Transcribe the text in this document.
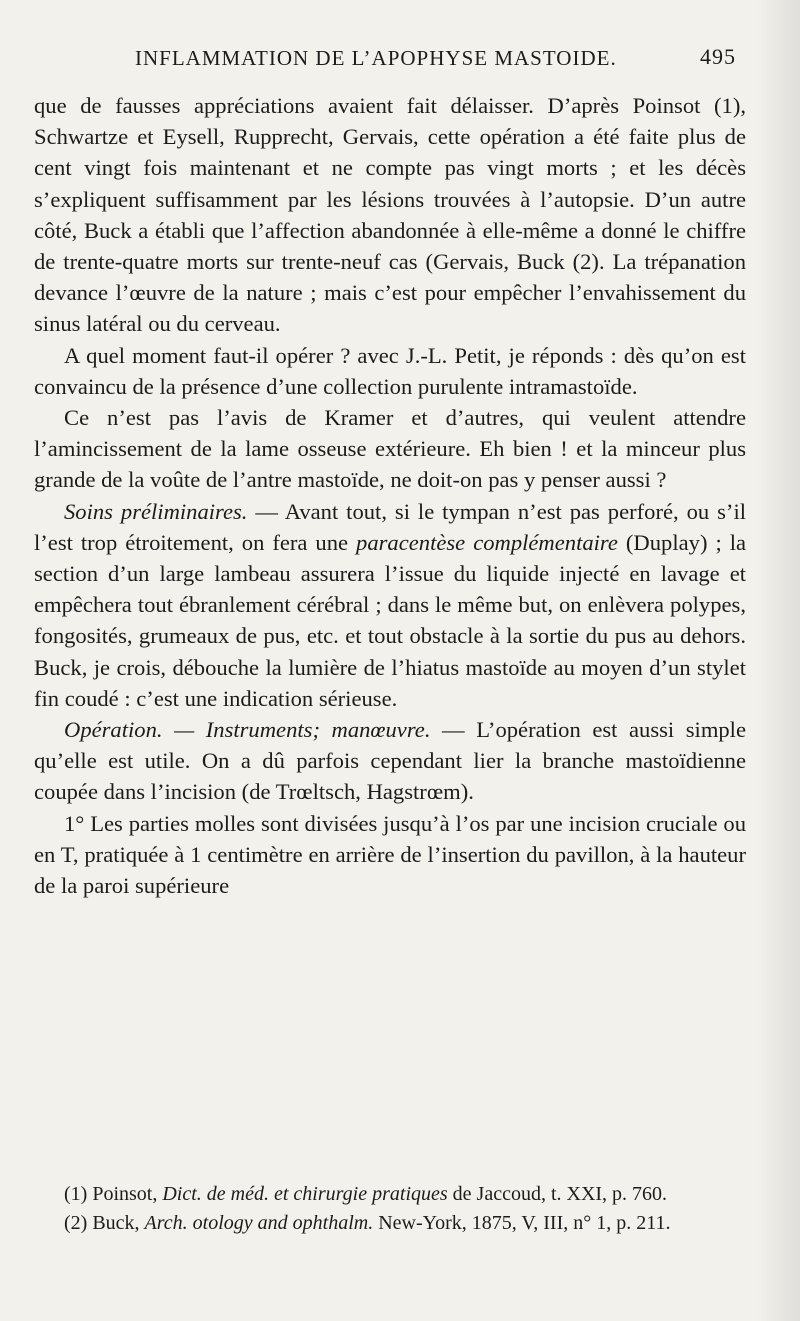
INFLAMMATION DE L’APOPHYSE MASTOIDE.	495

que de fausses appréciations avaient fait délaisser. D’après Poinsot (1), Schwartze et Eysell, Rupprecht, Gervais, cette opération a été faite plus de cent vingt fois maintenant et ne compte pas vingt morts ; et les décès s’expliquent suffisamment par les lésions trouvées à l’autopsie. D’un autre côté, Buck a établi que l’affection abandonnée à elle-même a donné le chiffre de trente-quatre morts sur trente-neuf cas (Gervais, Buck (2). La trépanation devance l’œuvre de la nature ; mais c’est pour empêcher l’envahissement du sinus latéral ou du cerveau.

A quel moment faut-il opérer ? avec J.-L. Petit, je réponds : dès qu’on est convaincu de la présence d’une collection purulente intramastoïde.

Ce n’est pas l’avis de Kramer et d’autres, qui veulent attendre l’amincissement de la lame osseuse extérieure. Eh bien ! et la minceur plus grande de la voûte de l’antre mastoïde, ne doit-on pas y penser aussi ?

Soins préliminaires. — Avant tout, si le tympan n’est pas perforé, ou s’il l’est trop étroitement, on fera une paracentèse complémentaire (Duplay) ; la section d’un large lambeau assurera l’issue du liquide injecté en lavage et empêchera tout ébranlement cérébral ; dans le même but, on enlèvera polypes, fongosités, grumeaux de pus, etc. et tout obstacle à la sortie du pus au dehors. Buck, je crois, débouche la lumière de l’hiatus mastoïde au moyen d’un stylet fin coudé : c’est une indication sérieuse.

Opération. — Instruments; manœuvre. — L’opération est aussi simple qu’elle est utile. On a dû parfois cependant lier la branche mastoïdienne coupée dans l’incision (de Trœltsch, Hagstrœm).

1° Les parties molles sont divisées jusqu’à l’os par une incision cruciale ou en T, pratiquée à 1 centimètre en arrière de l’insertion du pavillon, à la hauteur de la paroi supérieure

(1) Poinsot, Dict. de méd. et chirurgie pratiques de Jaccoud, t. XXI, p. 760.

(2) Buck, Arch. otology and ophthalm. New-York, 1875, V, III, n° 1, p. 211.
